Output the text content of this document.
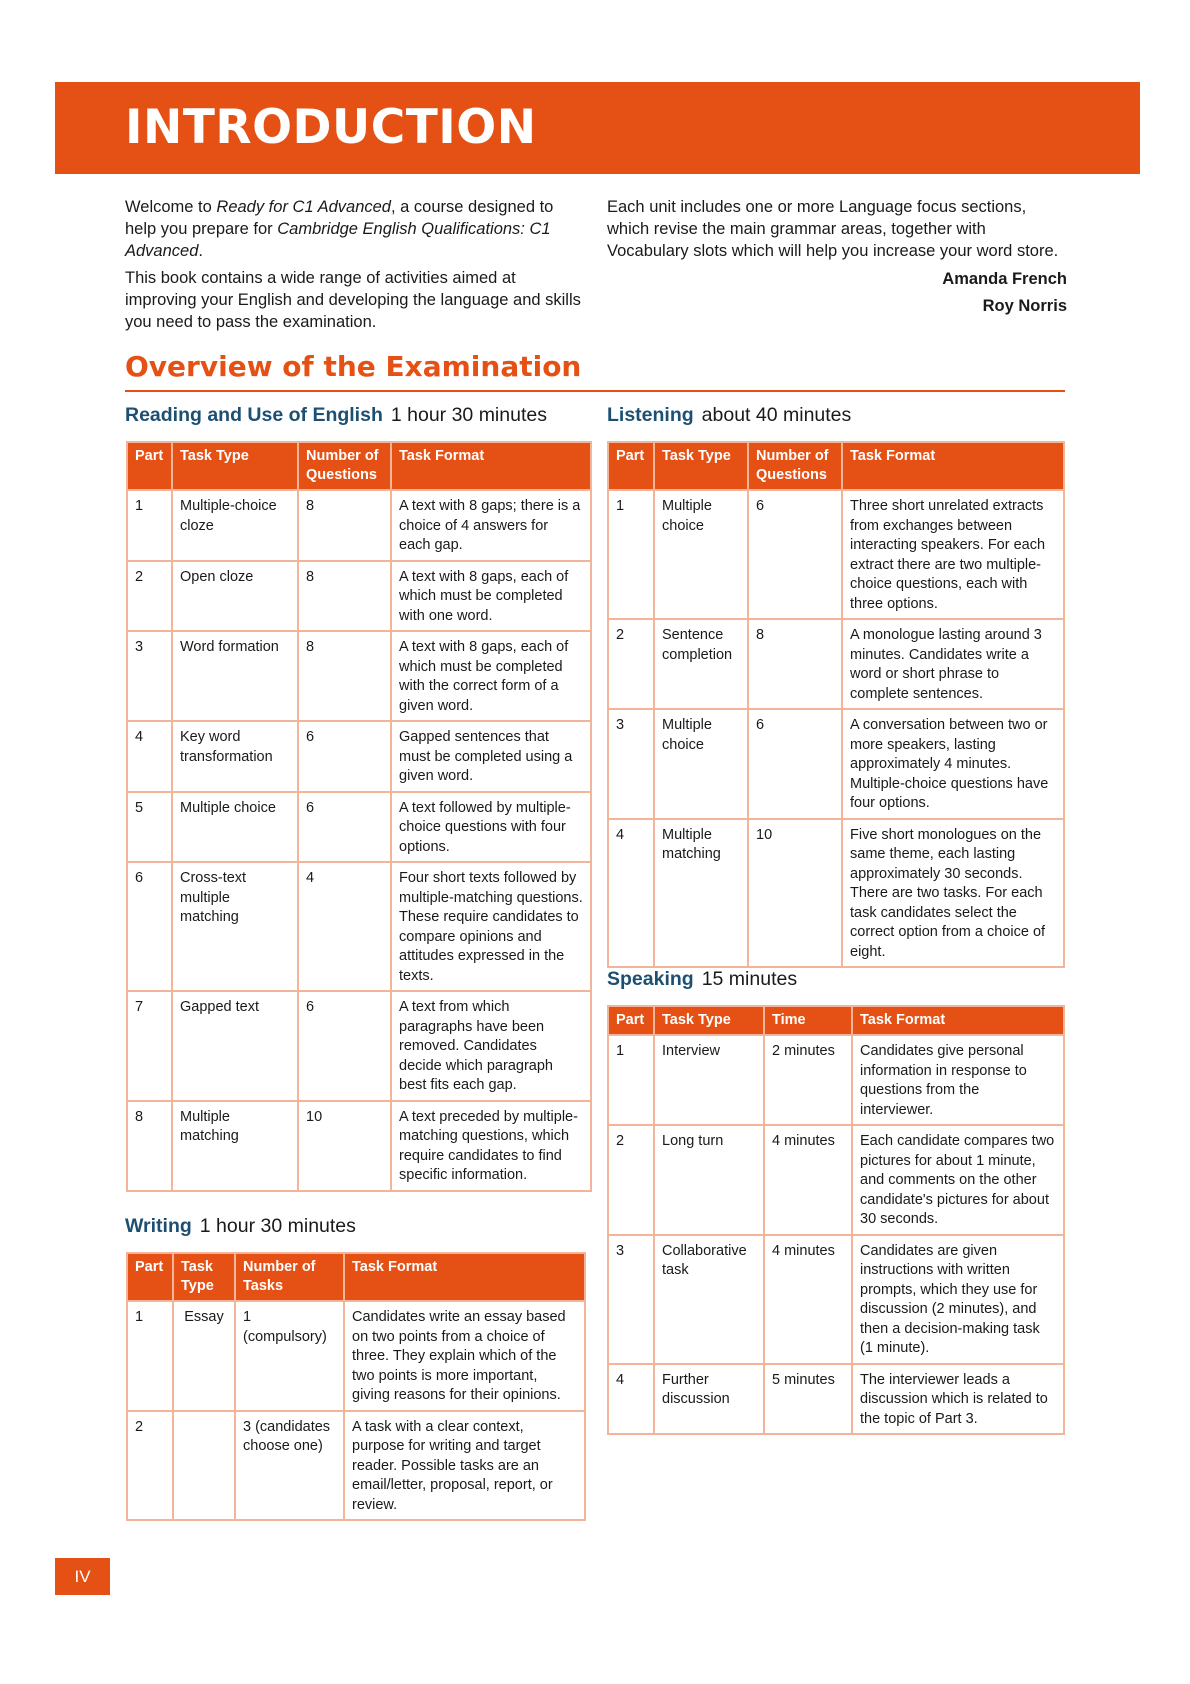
INTRODUCTION

Welcome to Ready for C1 Advanced, a course designed to help you prepare for Cambridge English Qualifications: C1 Advanced.

This book contains a wide range of activities aimed at improving your English and developing the language and skills you need to pass the examination.

Each unit includes one or more Language focus sections, which revise the main grammar areas, together with Vocabulary slots which will help you increase your word store.

Amanda French
Roy Norris
Overview of the Examination
Reading and Use of English 1 hour 30 minutes
Part	Task Type	Number of Questions	Task Format
1	Multiple-choice cloze	8	A text with 8 gaps; there is a choice of 4 answers for each gap.
2	Open cloze	8	A text with 8 gaps, each of which must be completed with one word.
3	Word formation	8	A text with 8 gaps, each of which must be completed with the correct form of a given word.
4	Key word transformation	6	Gapped sentences that must be completed using a given word.
5	Multiple choice	6	A text followed by multiple-choice questions with four options.
6	Cross-text multiple matching	4	Four short texts followed by multiple-matching questions. These require candidates to compare opinions and attitudes expressed in the texts.
7	Gapped text	6	A text from which paragraphs have been removed. Candidates decide which paragraph best fits each gap.
8	Multiple matching	10	A text preceded by multiple-matching questions, which require candidates to find specific information.
Writing 1 hour 30 minutes
Part	Task Type	Number of Tasks	Task Format
1	Essay	1 (compulsory)	Candidates write an essay based on two points from a choice of three. They explain which of the two points is more important, giving reasons for their opinions.
2		3 (candidates choose one)	A task with a clear context, purpose for writing and target reader. Possible tasks are an email/letter, proposal, report, or review.
Listening about 40 minutes
Part	Task Type	Number of Questions	Task Format
1	Multiple choice	6	Three short unrelated extracts from exchanges between interacting speakers. For each extract there are two multiple-choice questions, each with three options.
2	Sentence completion	8	A monologue lasting around 3 minutes. Candidates write a word or short phrase to complete sentences.
3	Multiple choice	6	A conversation between two or more speakers, lasting approximately 4 minutes. Multiple-choice questions have four options.
4	Multiple matching	10	Five short monologues on the same theme, each lasting approximately 30 seconds. There are two tasks. For each task candidates select the correct option from a choice of eight.
Speaking 15 minutes
Part	Task Type	Time	Task Format
1	Interview	2 minutes	Candidates give personal information in response to questions from the interviewer.
2	Long turn	4 minutes	Each candidate compares two pictures for about 1 minute, and comments on the other candidate's pictures for about 30 seconds.
3	Collaborative task	4 minutes	Candidates are given instructions with written prompts, which they use for discussion (2 minutes), and then a decision-making task (1 minute).
4	Further discussion	5 minutes	The interviewer leads a discussion which is related to the topic of Part 3.
IV
